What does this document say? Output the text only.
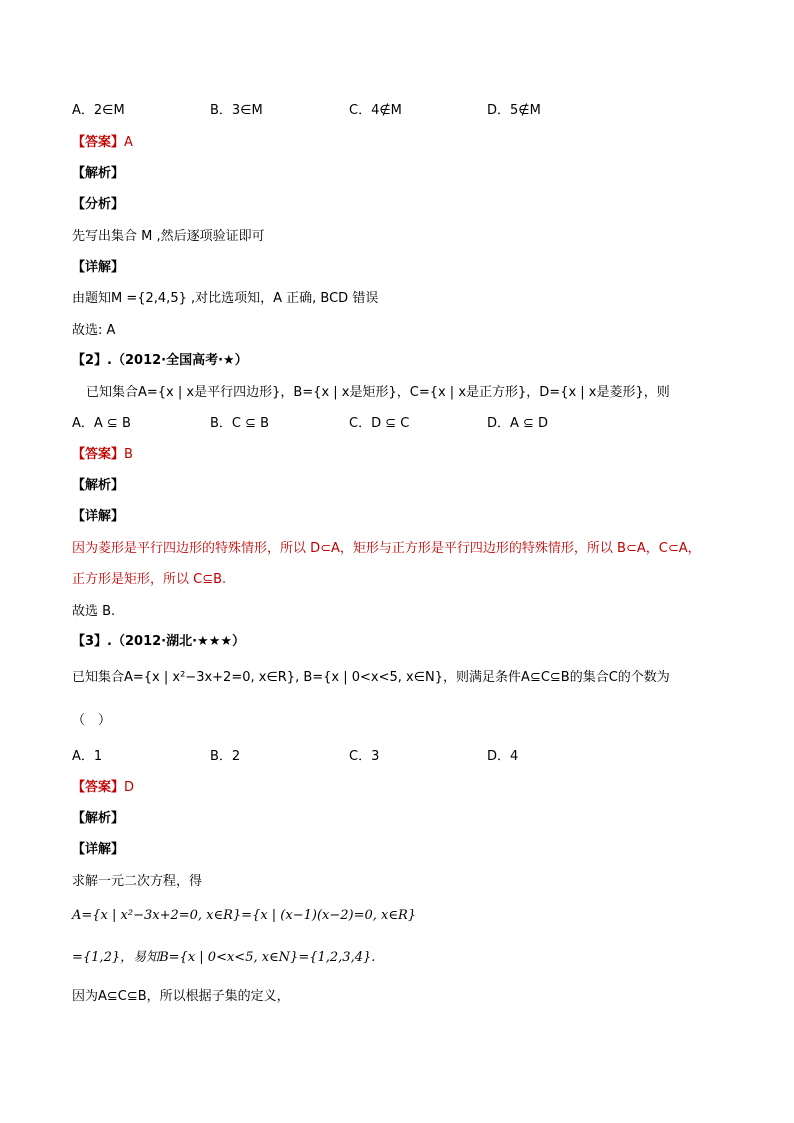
A．2∈M	B．3∈M	C．4∉M	D．5∉M
【答案】A
【解析】
【分析】
先写出集合 M ,然后逐项验证即可
【详解】
由题知M ={2,4,5} ,对比选项知，A 正确, BCD 错误
故选: A
【2】.（2012·全国高考·★）
已知集合A={x | x是平行四边形}，B={x | x是矩形}，C={x | x是正方形}，D={x | x是菱形}，则
A．A ⊆ B	B．C ⊆ B	C．D ⊆ C	D．A ⊆ D
【答案】B
【解析】
【详解】
因为菱形是平行四边形的特殊情形，所以 D⊂A，矩形与正方形是平行四边形的特殊情形，所以 B⊂A，C⊂A，
正方形是矩形，所以 C⊆B.
故选 B.
【3】.（2012·湖北·★★★）
已知集合A={x | x²−3x+2=0, x∈R}, B={x | 0<x<5, x∈N}，则满足条件A⊆C⊆B的集合C的个数为
（　）
A．1	B．2	C．3	D．4
【答案】D
【解析】
【详解】
求解一元二次方程，得
A={x | x²−3x+2=0, x∈R}={x | (x−1)(x−2)=0, x∈R}
={1,2}，易知B={x | 0<x<5, x∈N}={1,2,3,4}.
因为A⊆C⊆B，所以根据子集的定义，
